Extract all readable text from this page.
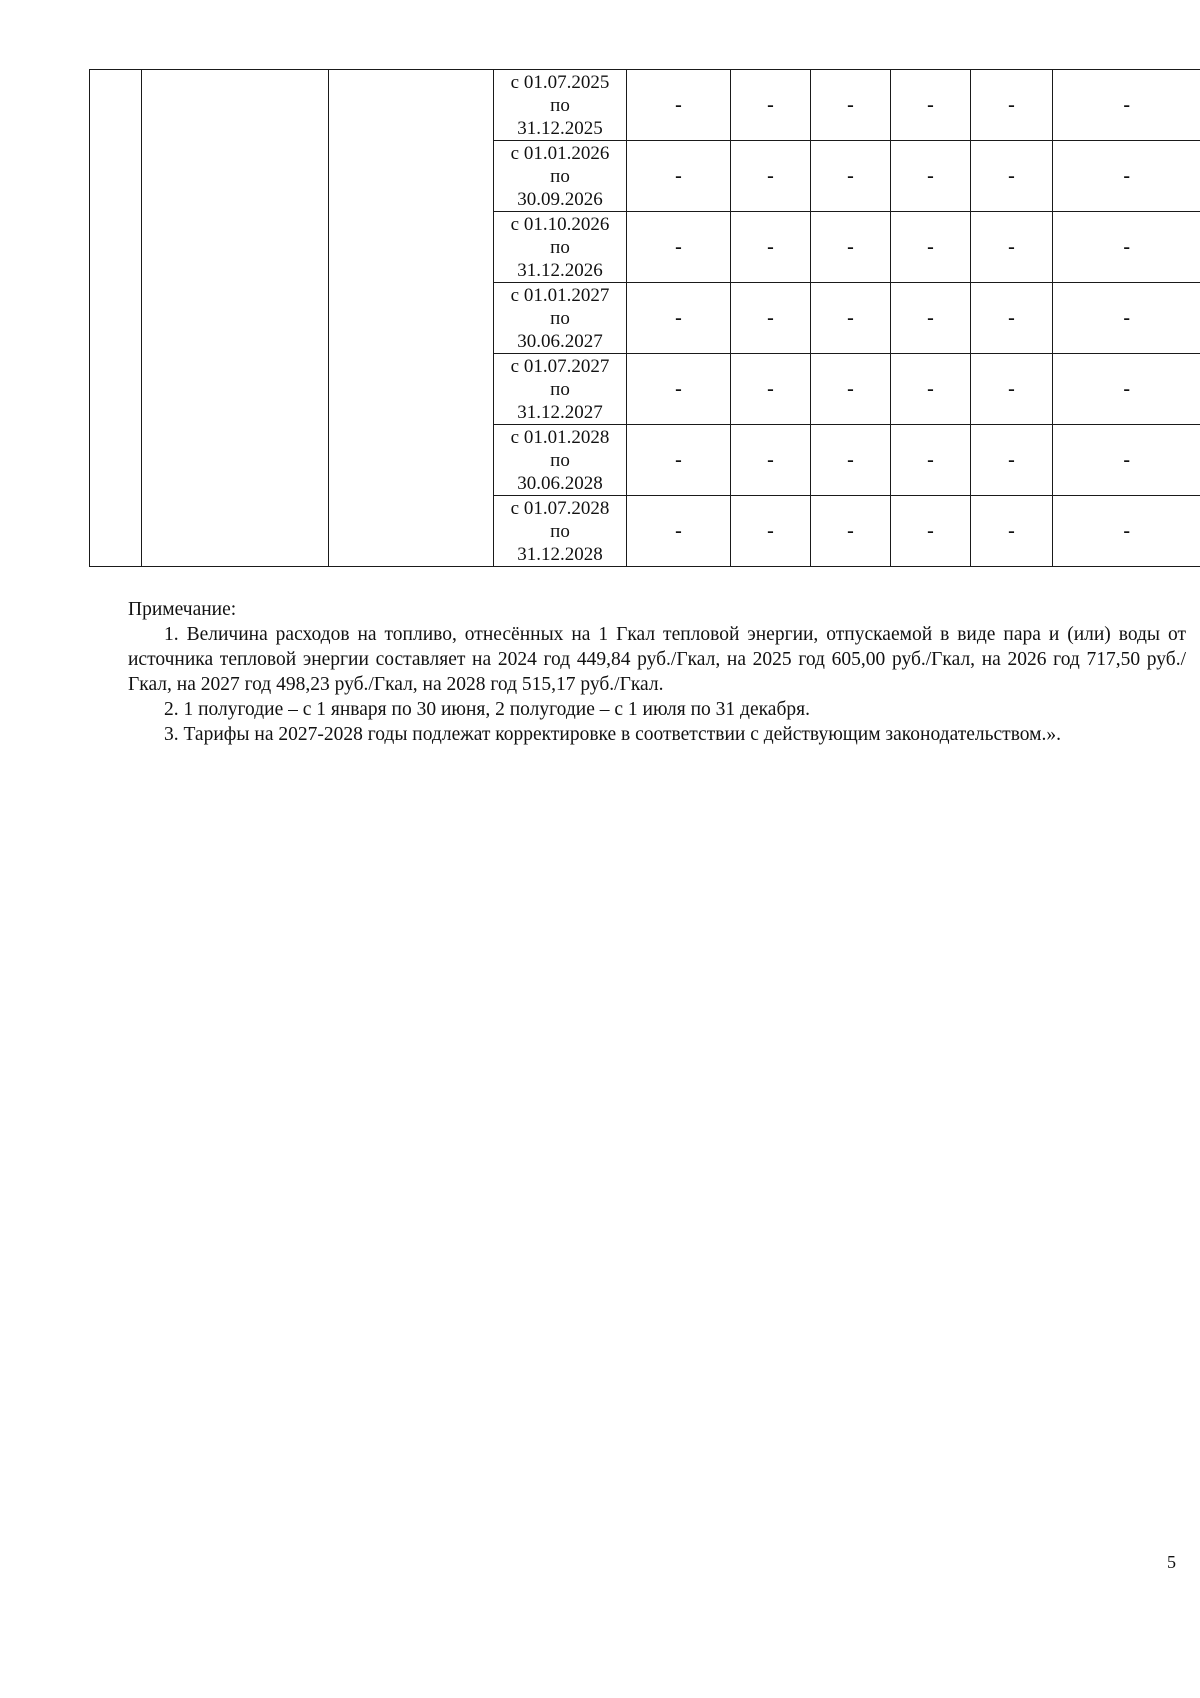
			с 01.07.2025
по
31.12.2025	-	-	-	-	-	-

			с 01.01.2026
по
30.09.2026	-	-	-	-	-	-

			с 01.10.2026
по
31.12.2026	-	-	-	-	-	-

			с 01.01.2027
по
30.06.2027	-	-	-	-	-	-

			с 01.07.2027
по
31.12.2027	-	-	-	-	-	-

			с 01.01.2028
по
30.06.2028	-	-	-	-	-	-

			с 01.07.2028
по
31.12.2028	-	-	-	-	-	-

Примечание:

1. Величина расходов на топливо, отнесённых на 1 Гкал тепловой энергии, отпускаемой в виде пара и (или) воды от источника тепловой энергии составляет на 2024 год 449,84 руб./Гкал, на 2025 год 605,00 руб./Гкал, на 2026 год 717,50 руб./Гкал, на 2027 год 498,23 руб./Гкал, на 2028 год 515,17 руб./Гкал.

2. 1 полугодие – с 1 января по 30 июня, 2 полугодие – с 1 июля по 31 декабря.

3. Тарифы на 2027-2028 годы подлежат корректировке в соответствии с действующим законодательством.».

5
